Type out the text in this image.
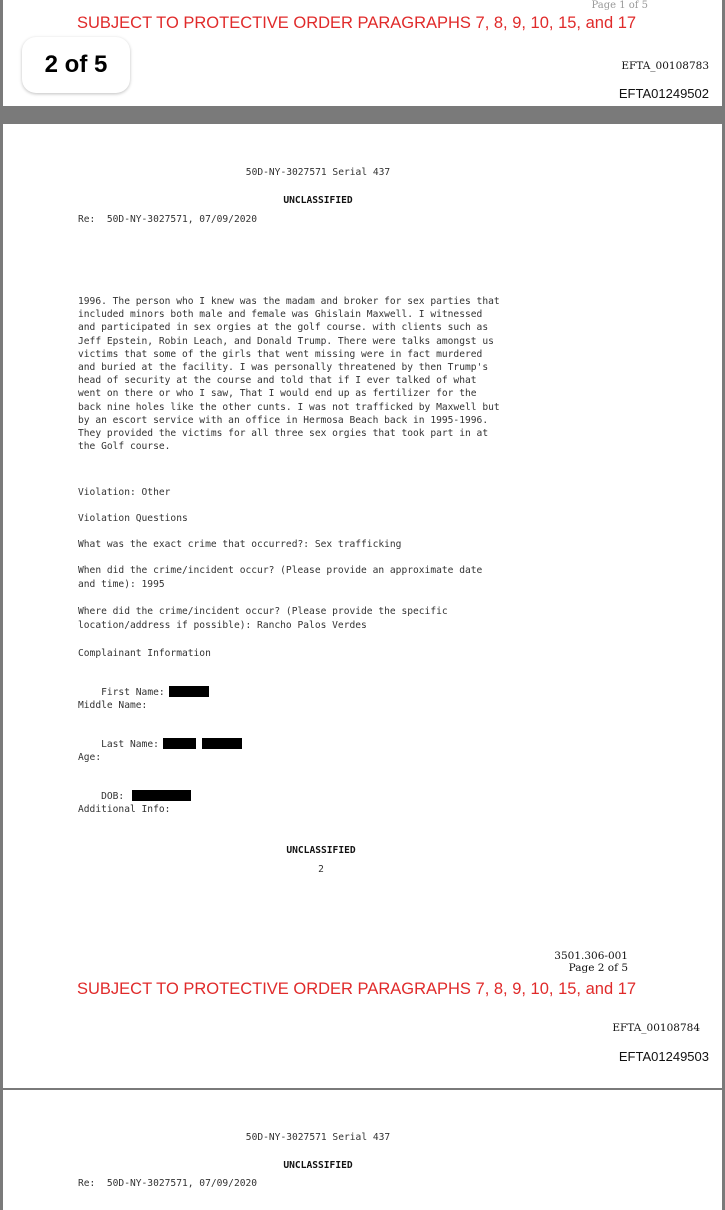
Page 1 of 5
SUBJECT TO PROTECTIVE ORDER PARAGRAPHS 7, 8, 9, 10, 15, and 17
EFTA_00108783
EFTA01249502
2 of 5
50D-NY-3027571 Serial 437
UNCLASSIFIED
Re:  50D-NY-3027571, 07/09/2020
1996. The person who I knew was the madam and broker for sex parties that
included minors both male and female was Ghislain Maxwell. I witnessed
and participated in sex orgies at the golf course. with clients such as
Jeff Epstein, Robin Leach, and Donald Trump. There were talks amongst us
victims that some of the girls that went missing were in fact murdered
and buried at the facility. I was personally threatened by then Trump's
head of security at the course and told that if I ever talked of what
went on there or who I saw, That I would end up as fertilizer for the
back nine holes like the other cunts. I was not trafficked by Maxwell but
by an escort service with an office in Hermosa Beach back in 1995-1996.
They provided the victims for all three sex orgies that took part in at
the Golf course.
Violation: Other
Violation Questions
What was the exact crime that occurred?: Sex trafficking
When did the crime/incident occur? (Please provide an approximate date
and time): 1995
Where did the crime/incident occur? (Please provide the specific
location/address if possible): Rancho Palos Verdes
Complainant Information

First Name:

Middle Name:

Last Name:

Age:

DOB:

Additional Info:
UNCLASSIFIED
2
3501.306-001
Page 2 of 5
SUBJECT TO PROTECTIVE ORDER PARAGRAPHS 7, 8, 9, 10, 15, and 17
EFTA_00108784
EFTA01249503
50D-NY-3027571 Serial 437
UNCLASSIFIED
Re:  50D-NY-3027571, 07/09/2020
